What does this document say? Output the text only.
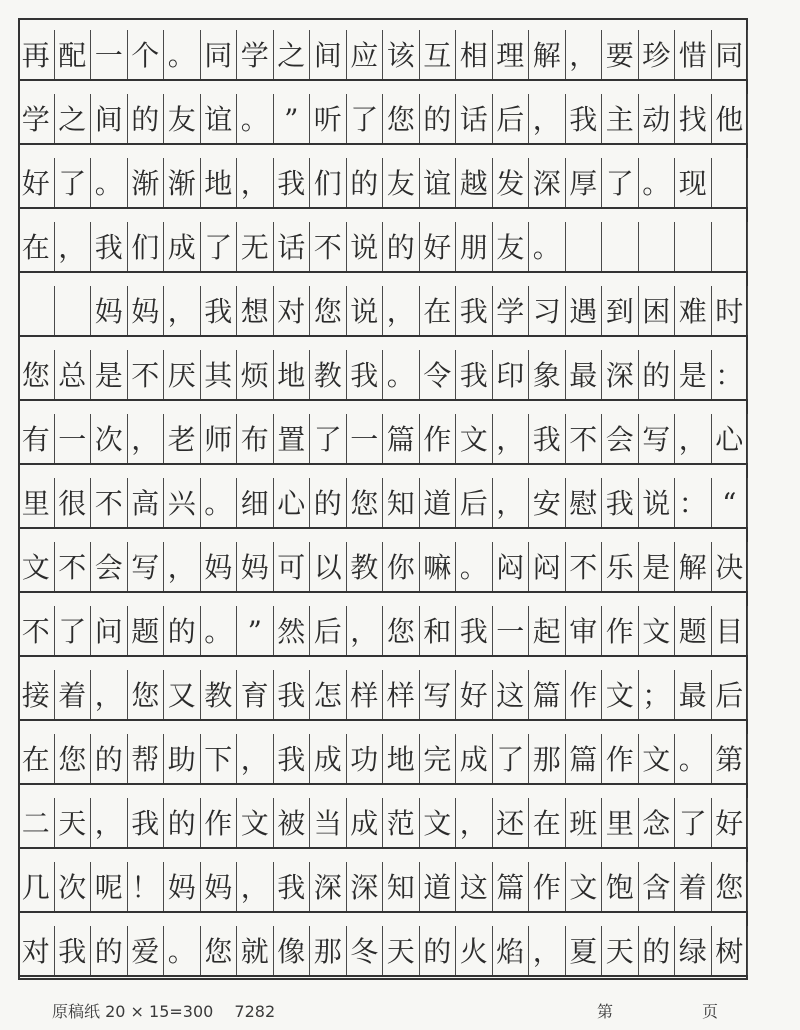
再 配 一 个 。 同 学 之 间 应 该 互 相 理 解 ， 要 珍 惜 同
学 之 间 的 友 谊 。 ” 听 了 您 的 话 后 ， 我 主 动 找 他
好 了 。 渐 渐 地 ， 我 们 的 友 谊 越 发 深 厚 了 。 现
在 ， 我 们 成 了 无 话 不 说 的 好 朋 友 。

妈 妈 ， 我 想 对 您 说 ， 在 我 学 习 遇 到 困 难 时
您 总 是 不 厌 其 烦 地 教 我 。 令 我 印 象 最 深 的 是 ：
有 一 次 ， 老 师 布 置 了 一 篇 作 文 ， 我 不 会 写 ， 心
里 很 不 高 兴 。 细 心 的 您 知 道 后 ， 安 慰 我 说 ： “
文 不 会 写 ， 妈 妈 可 以 教 你 嘛 。 闷 闷 不 乐 是 解 决
不 了 问 题 的 。 ” 然 后 ， 您 和 我 一 起 审 作 文 题 目
接 着 ， 您 又 教 育 我 怎 样 样 写 好 这 篇 作 文 ； 最 后
在 您 的 帮 助 下 ， 我 成 功 地 完 成 了 那 篇 作 文 。 第
二 天 ， 我 的 作 文 被 当 成 范 文 ， 还 在 班 里 念 了 好
几 次 呢 ！ 妈 妈 ， 我 深 深 知 道 这 篇 作 文 饱 含 着 您
对 我 的 爱 。 您 就 像 那 冬 天 的 火 焰 ， 夏 天 的 绿 树
原稿纸 20 × 15=300　 7282	第	页
